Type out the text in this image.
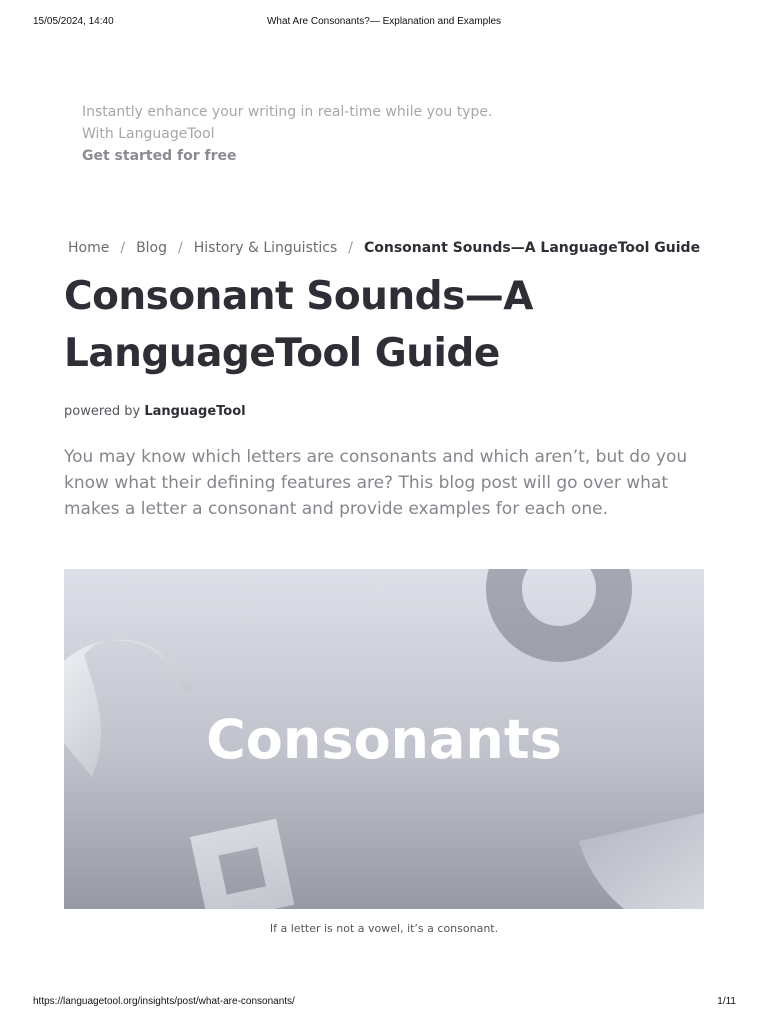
15/05/2024, 14:40	What Are Consonants?— Explanation and Examples
Instantly enhance your writing in real-time while you type.
With LanguageTool
Get started for free
Home / Blog / History & Linguistics / Consonant Sounds—A LanguageTool Guide
Consonant Sounds—A
LanguageTool Guide
powered by LanguageTool

You may know which letters are consonants and which aren’t, but do you know what their defining features are? This blog post will go over what makes a letter a consonant and provide examples for each one.

Consonants
If a letter is not a vowel, it’s a consonant.
https://languagetool.org/insights/post/what-are-consonants/	1/11
